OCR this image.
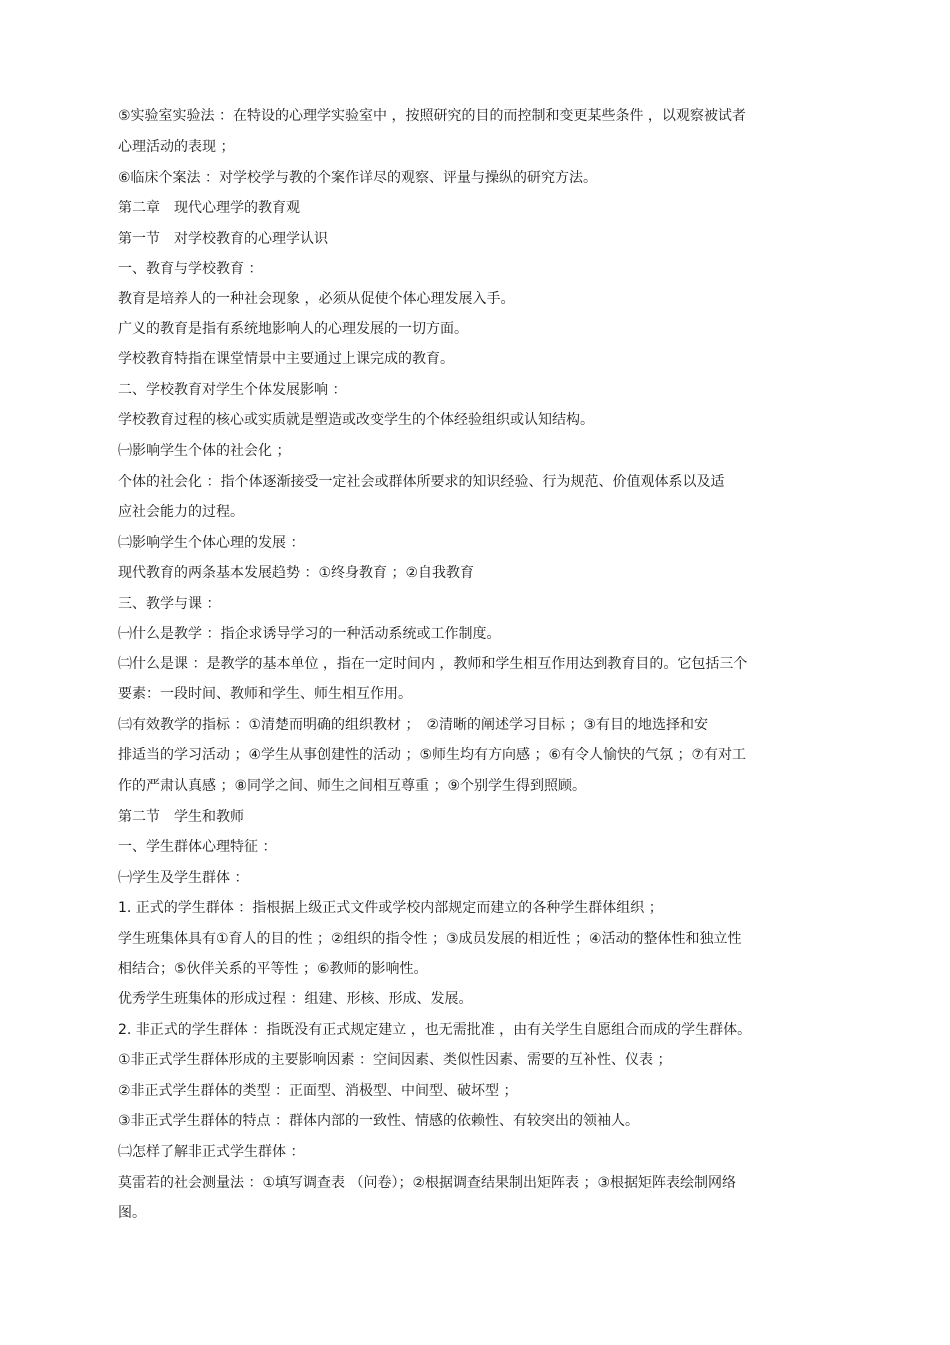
⑤实验室实验法 ：在特设的心理学实验室中 ，按照研究的目的而控制和变更某些条件 ，以观察被试者

心理活动的表现 ；

⑥临床个案法 ：对学校学与教的个案作详尽的观察、评量与操纵的研究方法。

第二章　现代心理学的教育观

第一节　对学校教育的心理学认识

一、教育与学校教育 ：

教育是培养人的一种社会现象 ，必须从促使个体心理发展入手。

广义的教育是指有系统地影响人的心理发展的一切方面。

学校教育特指在课堂情景中主要通过上课完成的教育。

二、学校教育对学生个体发展影响 ：

学校教育过程的核心或实质就是塑造或改变学生的个体经验组织或认知结构。

㈠影响学生个体的社会化 ；

个体的社会化 ：指个体逐渐接受一定社会或群体所要求的知识经验、行为规范、价值观体系以及适

应社会能力的过程。

㈡影响学生个体心理的发展 ：

现代教育的两条基本发展趋势 ：①终身教育 ；②自我教育

三、教学与课 ：

㈠什么是教学 ：指企求诱导学习的一种活动系统或工作制度。

㈡什么是课 ：是教学的基本单位 ，指在一定时间内 ，教师和学生相互作用达到教育目的。它包括三个

要素：一段时间、教师和学生、师生相互作用。

㈢有效教学的指标 ：①清楚而明确的组织教材 ；　②清晰的阐述学习目标 ；③有目的地选择和安

排适当的学习活动 ；④学生从事创建性的活动 ；⑤师生均有方向感 ；⑥有令人愉快的气氛 ；⑦有对工

作的严肃认真感 ；⑧同学之间、师生之间相互尊重 ；⑨个别学生得到照顾。

第二节　学生和教师

一、学生群体心理特征 ：

㈠学生及学生群体 ：

1. 正式的学生群体 ：指根据上级正式文件或学校内部规定而建立的各种学生群体组织 ；

学生班集体具有①育人的目的性 ；②组织的指令性 ；③成员发展的相近性 ；④活动的整体性和独立性

相结合；⑤伙伴关系的平等性 ；⑥教师的影响性。

优秀学生班集体的形成过程 ：组建、形核、形成、发展。

2. 非正式的学生群体 ：指既没有正式规定建立 ，也无需批准 ，由有关学生自愿组合而成的学生群体。

①非正式学生群体形成的主要影响因素 ：空间因素、类似性因素、需要的互补性、仪表 ；

②非正式学生群体的类型 ：正面型、消极型、中间型、破坏型 ；

③非正式学生群体的特点 ：群体内部的一致性、情感的依赖性、有较突出的领袖人。

㈡怎样了解非正式学生群体 ：

莫雷若的社会测量法 ：①填写调查表 （问卷）；②根据调查结果制出矩阵表 ；③根据矩阵表绘制网络

图。
